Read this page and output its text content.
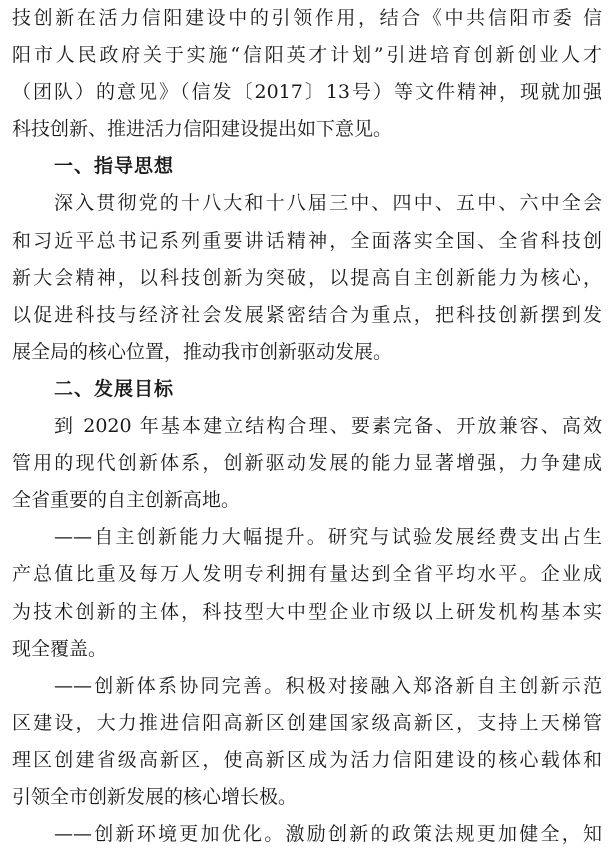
技创新在活力信阳建设中的引领作用，结合《中共信阳市委 信
阳市人民政府关于实施“信阳英才计划”引进培育创新创业人才
（团队）的意见》（信发〔2017〕13号）等文件精神，现就加强
科技创新、推进活力信阳建设提出如下意见。
一、指导思想
深入贯彻党的十八大和十八届三中、四中、五中、六中全会
和习近平总书记系列重要讲话精神，全面落实全国、全省科技创
新大会精神，以科技创新为突破，以提高自主创新能力为核心，
以促进科技与经济社会发展紧密结合为重点，把科技创新摆到发
展全局的核心位置，推动我市创新驱动发展。
二、发展目标
到 2020 年基本建立结构合理、要素完备、开放兼容、高效
管用的现代创新体系，创新驱动发展的能力显著增强，力争建成
全省重要的自主创新高地。
——自主创新能力大幅提升。研究与试验发展经费支出占生
产总值比重及每万人发明专利拥有量达到全省平均水平。企业成
为技术创新的主体，科技型大中型企业市级以上研发机构基本实
现全覆盖。
——创新体系协同完善。积极对接融入郑洛新自主创新示范
区建设，大力推进信阳高新区创建国家级高新区，支持上天梯管
理区创建省级高新区，使高新区成为活力信阳建设的核心载体和
引领全市创新发展的核心增长极。
——创新环境更加优化。激励创新的政策法规更加健全，知
